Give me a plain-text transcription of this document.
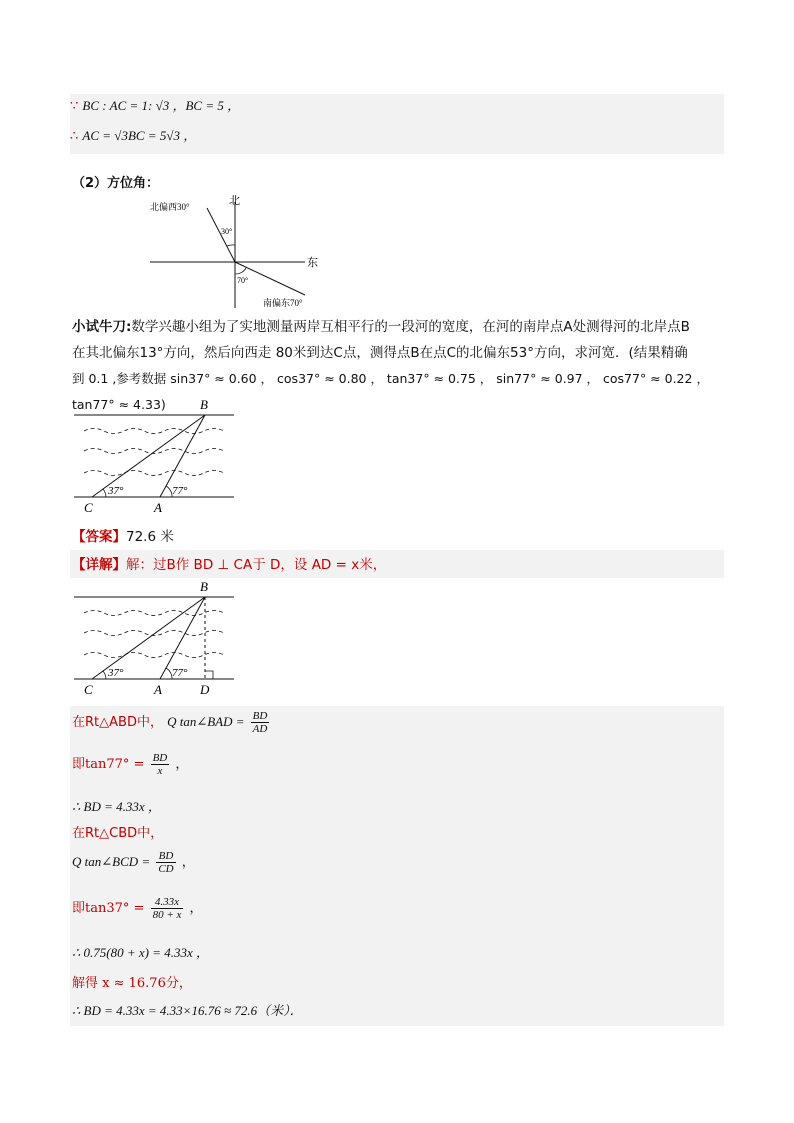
∵ BC : AC = 1: √3 ，BC = 5 ，
∴ AC = √3BC = 5√3 ，
（2）方位角：
北
东
北偏西30°
南偏东70°
30°
70°
小试牛刀:数学兴趣小组为了实地测量两岸互相平行的一段河的宽度，在河的南岸点A处测得河的北岸点B
在其北偏东13°方向，然后向西走 80米到达C点，测得点B在点C的北偏东53°方向，求河宽．(结果精确
到 0.1 ,参考数据 sin37° ≈ 0.60 ， cos37° ≈ 0.80 ， tan37° ≈ 0.75 ， sin77° ≈ 0.97 ， cos77° ≈ 0.22 ， tan77° ≈ 4.33)	B
C	A
37°	77°
【答案】72.6 米
【详解】解：过B作 BD ⊥ CA于 D，设 AD = x米，
B
C	A	D
37°	77°
在Rt△ABD中， Q tan∠BAD = $\frac{BD}{AD}$
即$\tan 77^\circ = \frac{BD}{x}$ ，
∴ BD = 4.33x ，
在Rt△CBD中，
Q tan∠BCD = $\frac{BD}{CD}$ ，
即$\tan 37^\circ = \frac{4.33x}{80 + x}$ ，
∴ 0.75(80 + x) = 4.33x ，
解得 x ≈ 16.76分，
∴ BD = 4.33x = 4.33×16.76 ≈ 72.6（米）．
